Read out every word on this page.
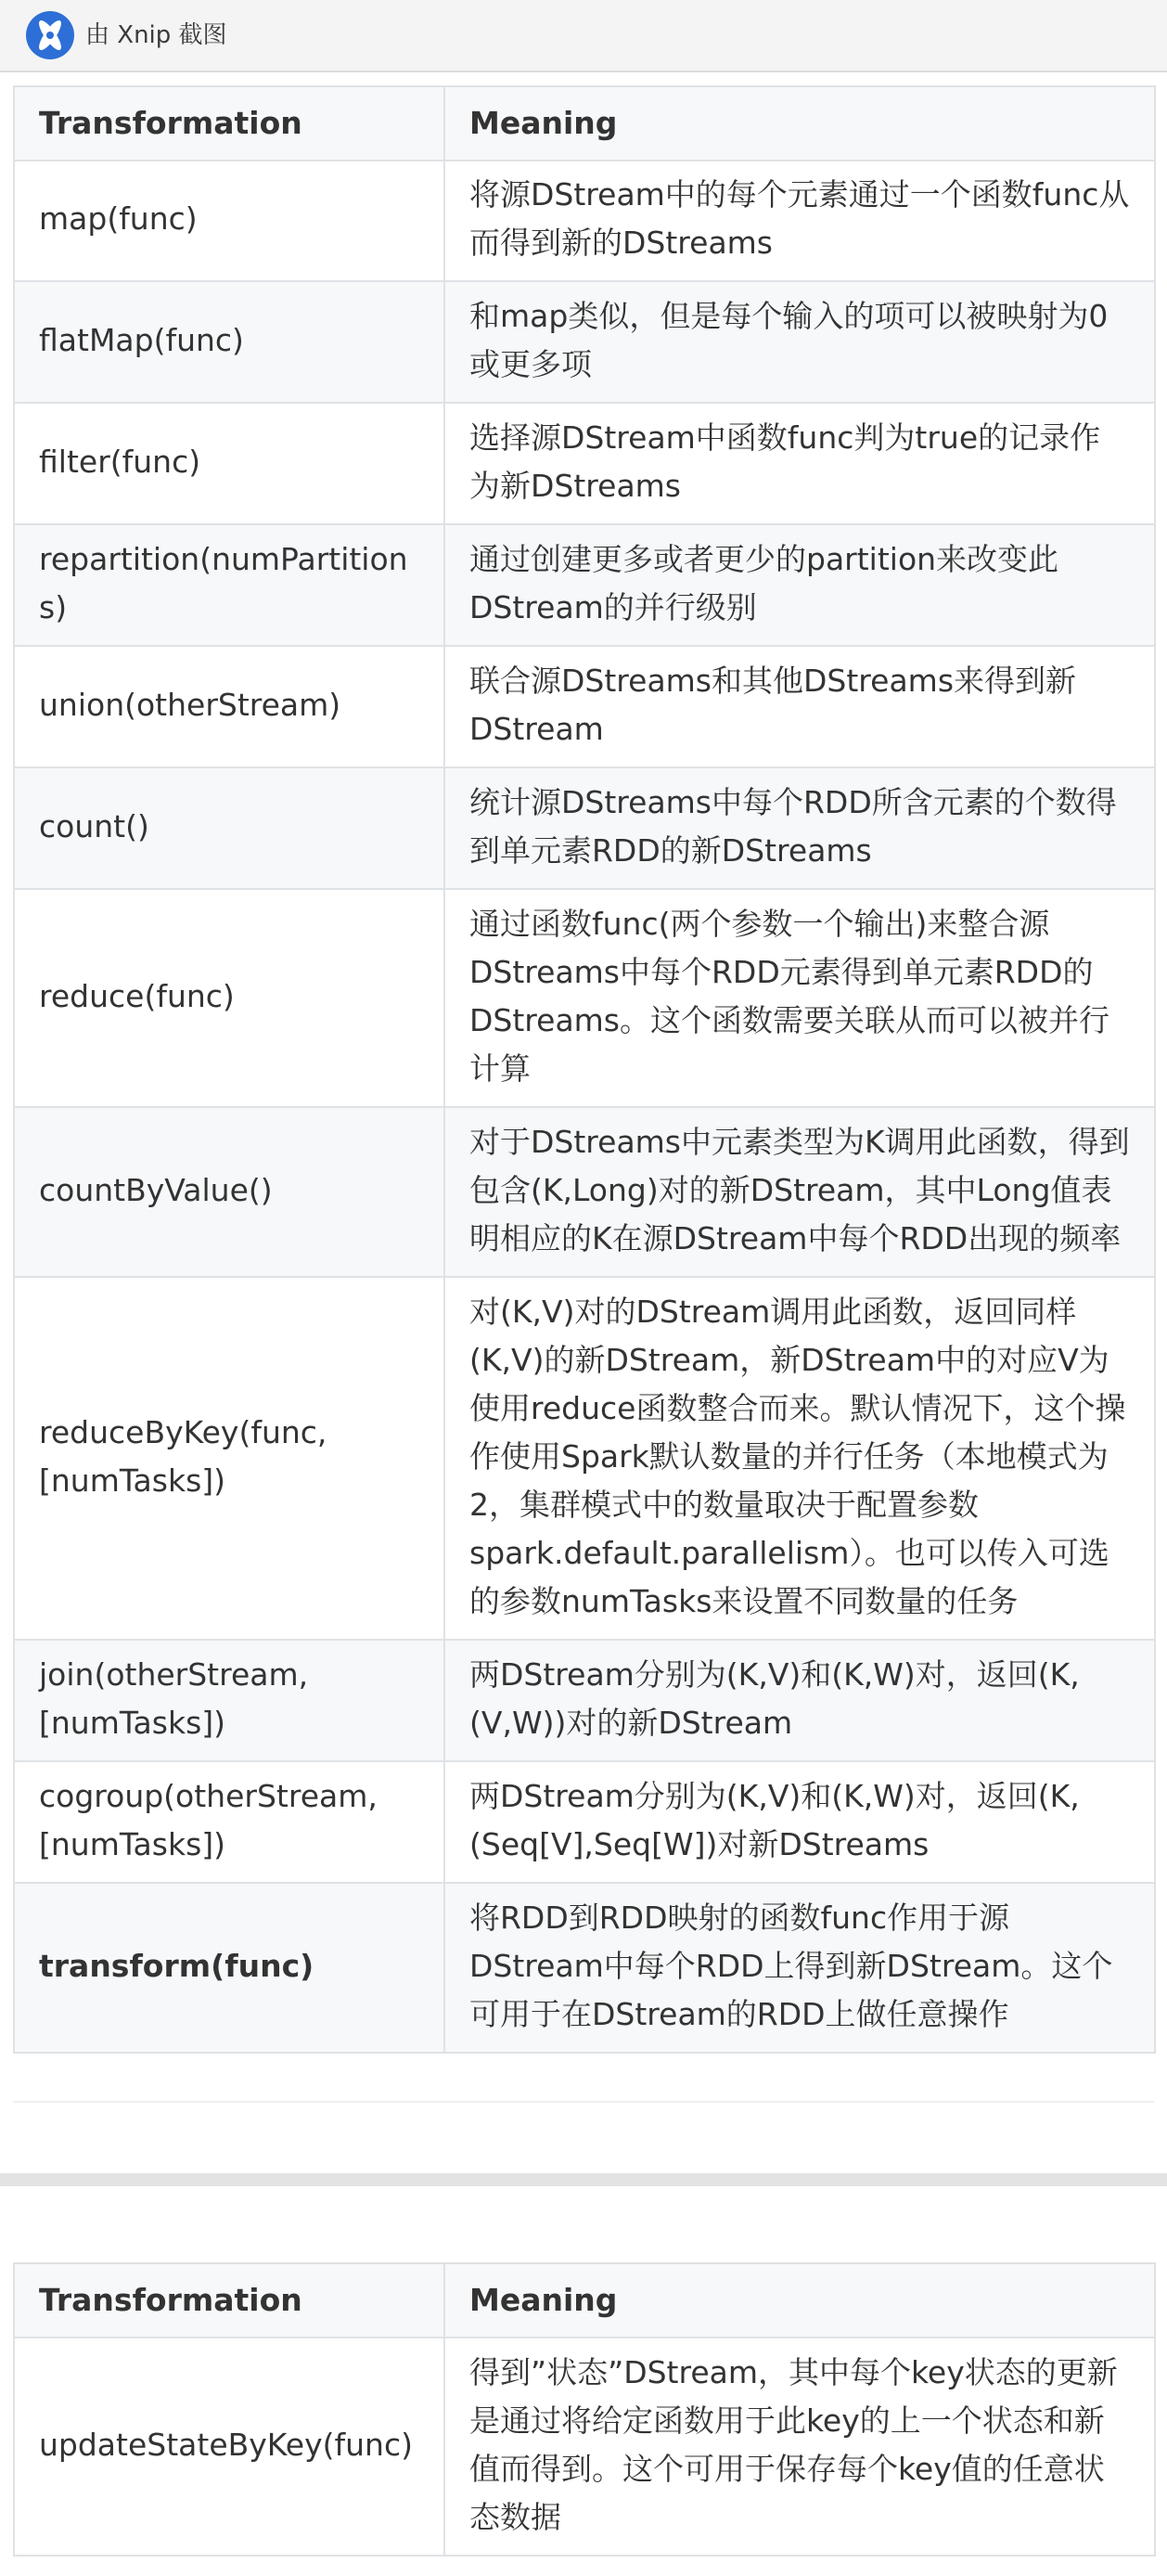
由 Xnip 截图
Transformation	Meaning
map(func)	将源DStream中的每个元素通过一个函数func从而得到新的DStreams
flatMap(func)	和map类似，但是每个输入的项可以被映射为0或更多项
filter(func)	选择源DStream中函数func判为true的记录作为新DStreams
repartition(numPartitions)	通过创建更多或者更少的partition来改变此DStream的并行级别
union(otherStream)	联合源DStreams和其他DStreams来得到新DStream
count()	统计源DStreams中每个RDD所含元素的个数得到单元素RDD的新DStreams
reduce(func)	通过函数func(两个参数一个输出)来整合源DStreams中每个RDD元素得到单元素RDD的DStreams。这个函数需要关联从而可以被并行计算
countByValue()	对于DStreams中元素类型为K调用此函数，得到包含(K,Long)对的新DStream，其中Long值表明相应的K在源DStream中每个RDD出现的频率
reduceByKey(func, [numTasks])	对(K,V)对的DStream调用此函数，返回同样(K,V)的新DStream，新DStream中的对应V为使用reduce函数整合而来。默认情况下，这个操作使用Spark默认数量的并行任务（本地模式为2，集群模式中的数量取决于配置参数spark.default.parallelism）。也可以传入可选的参数numTasks来设置不同数量的任务
join(otherStream, [numTasks])	两DStream分别为(K,V)和(K,W)对，返回(K,(V,W))对的新DStream
cogroup(otherStream, [numTasks])	两DStream分别为(K,V)和(K,W)对，返回(K,(Seq[V],Seq[W])对新DStreams
transform(func)	将RDD到RDD映射的函数func作用于源DStream中每个RDD上得到新DStream。这个可用于在DStream的RDD上做任意操作
Transformation	Meaning
updateStateByKey(func)	得到”状态”DStream，其中每个key状态的更新是通过将给定函数用于此key的上一个状态和新值而得到。这个可用于保存每个key值的任意状态数据
